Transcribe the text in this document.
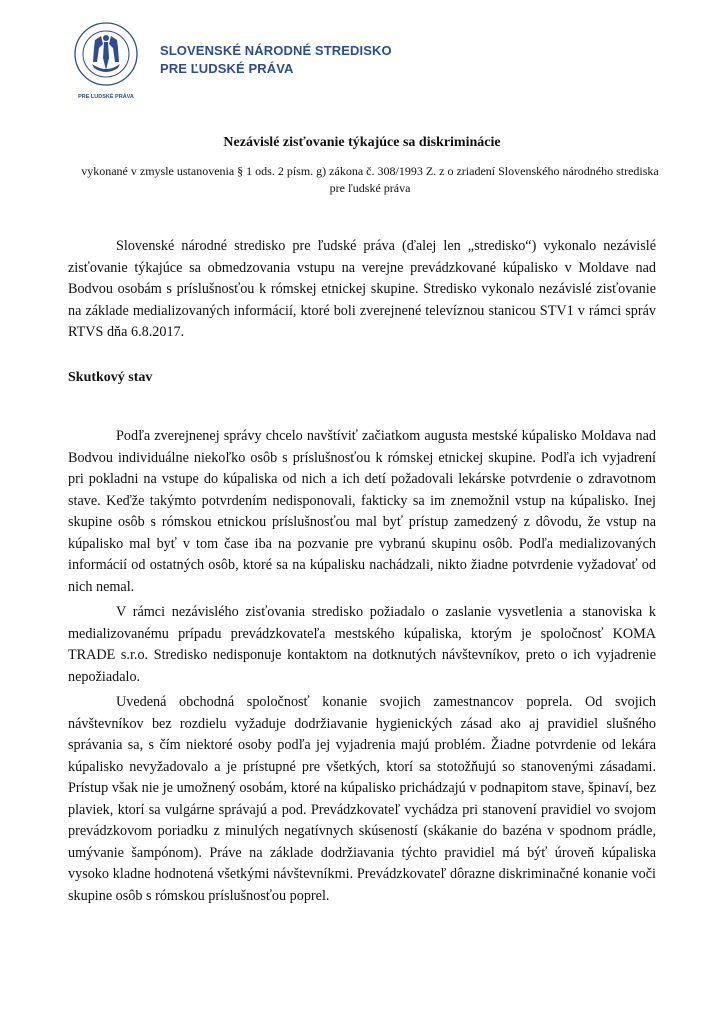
PRE ĽUDSKÉ PRÁVA
SLOVENSKÉ NÁRODNÉ STREDISKO
PRE ĽUDSKÉ PRÁVA
Nezávislé zisťovanie týkajúce sa diskriminácie
vykonané v zmysle ustanovenia § 1 ods. 2 písm. g) zákona č. 308/1993 Z. z o zriadení Slovenského národného strediska pre ľudské práva

Slovenské národné stredisko pre ľudské práva (ďalej len „stredisko“) vykonalo nezávislé zisťovanie týkajúce sa obmedzovania vstupu na verejne prevádzkované kúpalisko v Moldave nad Bodvou osobám s príslušnosťou k rómskej etnickej skupine. Stredisko vykonalo nezávislé zisťovanie na základe medializovaných informácií, ktoré boli zverejnené televíznou stanicou STV1 v rámci správ RTVS dňa 6.8.2017.

Skutkový stav

Podľa zverejnenej správy chcelo navštíviť začiatkom augusta mestské kúpalisko Moldava nad Bodvou individuálne niekoľko osôb s príslušnosťou k rómskej etnickej skupine. Podľa ich vyjadrení pri pokladni na vstupe do kúpaliska od nich a ich detí požadovali lekárske potvrdenie o zdravotnom stave. Keďže takýmto potvrdením nedisponovali, fakticky sa im znemožnil vstup na kúpalisko. Inej skupine osôb s rómskou etnickou príslušnosťou mal byť prístup zamedzený z dôvodu, že vstup na kúpalisko mal byť v tom čase iba na pozvanie pre vybranú skupinu osôb. Podľa medializovaných informácií od ostatných osôb, ktoré sa na kúpalisku nachádzali, nikto žiadne potvrdenie vyžadovať od nich nemal.

V rámci nezávislého zisťovania stredisko požiadalo o zaslanie vysvetlenia a stanoviska k medializovanému prípadu prevádzkovateľa mestského kúpaliska, ktorým je spoločnosť KOMA TRADE s.r.o. Stredisko nedisponuje kontaktom na dotknutých návštevníkov, preto o ich vyjadrenie nepožiadalo.

Uvedená obchodná spoločnosť konanie svojich zamestnancov poprela. Od svojich návštevníkov bez rozdielu vyžaduje dodržiavanie hygienických zásad ako aj pravidiel slušného správania sa, s čím niektoré osoby podľa jej vyjadrenia majú problém. Žiadne potvrdenie od lekára kúpalisko nevyžadovalo a je prístupné pre všetkých, ktorí sa stotožňujú so stanovenými zásadami. Prístup však nie je umožnený osobám, ktoré na kúpalisko prichádzajú v podnapitom stave, špinaví, bez plaviek, ktorí sa vulgárne správajú a pod. Prevádzkovateľ vychádza pri stanovení pravidiel vo svojom prevádzkovom poriadku z minulých negatívnych skúseností (skákanie do bazéna v spodnom prádle, umývanie šampónom). Práve na základe dodržiavania týchto pravidiel má býť úroveň kúpaliska vysoko kladne hodnotená všetkými návštevníkmi. Prevádzkovateľ dôrazne diskriminačné konanie voči skupine osôb s rómskou príslušnosťou poprel.
